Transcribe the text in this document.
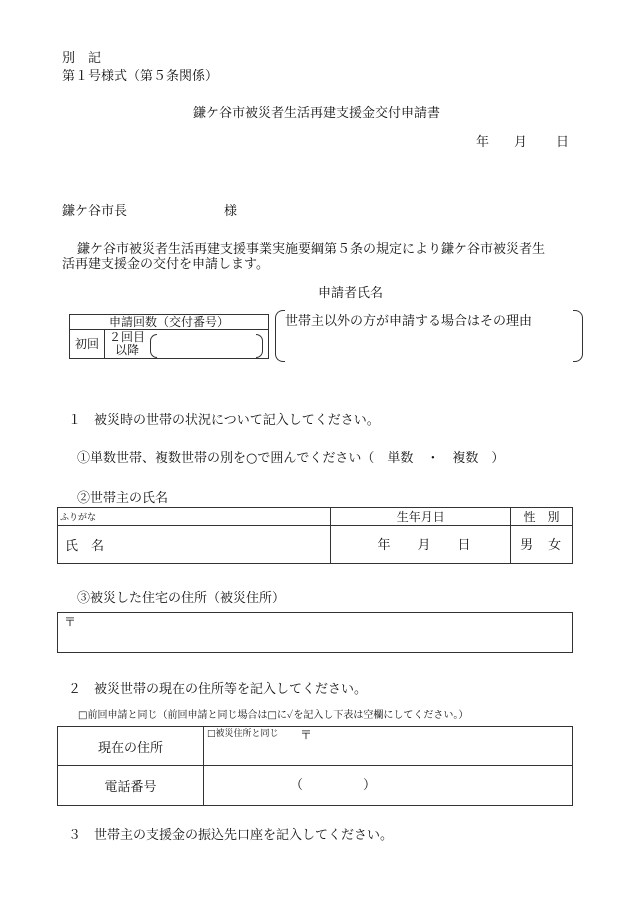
別　記
第１号様式（第５条関係）
鎌ケ谷市被災者生活再建支援金交付申請書
年 月 日
鎌ケ谷市長	様
鎌ケ谷市被災者生活再建支援事業実施要綱第５条の規定により鎌ケ谷市被災者生
活再建支援金の交付を申請します。
申請者氏名
申請回数（交付番号）
初回 ２回目
以降
世帯主以外の方が申請する場合はその理由
１　被災時の世帯の状況について記入してください。
①単数世帯、複数世帯の別を○で囲んでください（　単数　・　複数　）
②世帯主の氏名
ふりがな	生年月日	性　別
氏　名	年 月 日	男 女
③被災した住宅の住所（被災住所）
〒
２　被災世帯の現在の住所等を記入してください。
□前回申請と同じ（前回申請と同じ場合は□に✓を記入し下表は空欄にしてください。）
現在の住所	□被災住所と同じ 〒

電話番号	（ ）
３　世帯主の支援金の振込先口座を記入してください。
